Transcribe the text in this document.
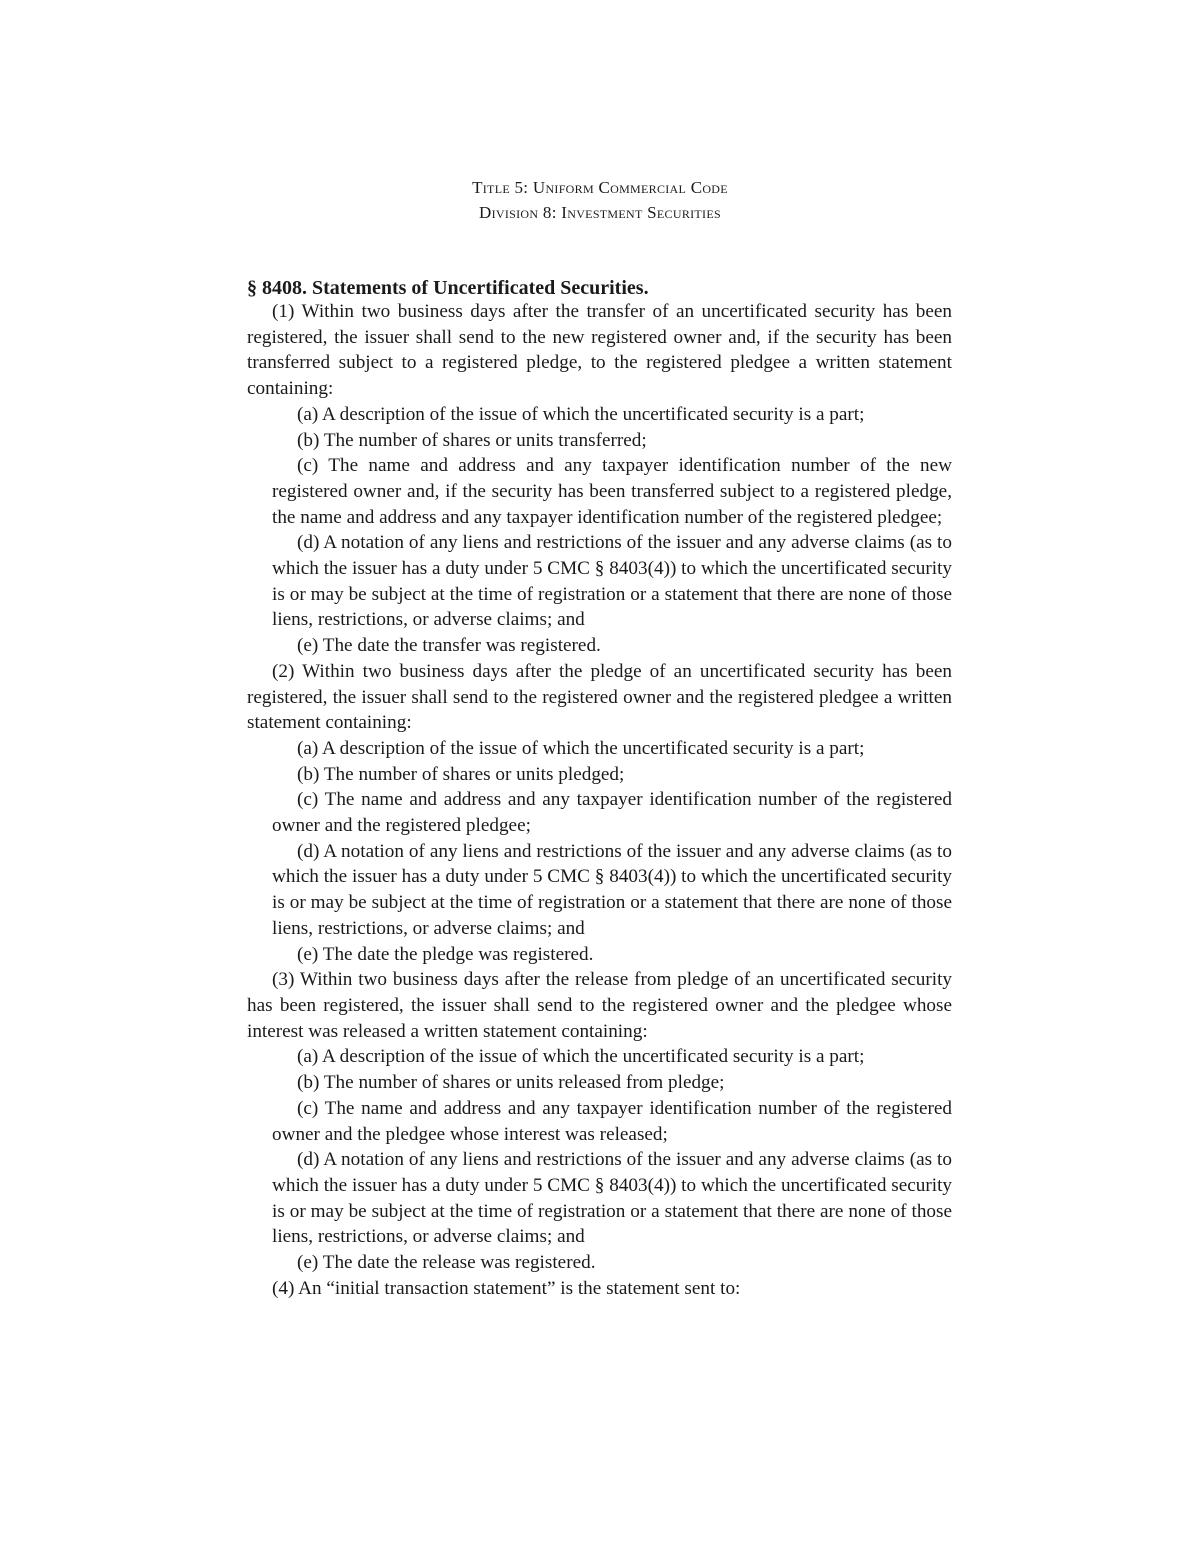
Title 5: Uniform Commercial Code
Division 8: Investment Securities
§ 8408. Statements of Uncertificated Securities.

(1) Within two business days after the transfer of an uncertificated security has been registered, the issuer shall send to the new registered owner and, if the security has been transferred subject to a registered pledge, to the registered pledgee a written statement containing:

(a) A description of the issue of which the uncertificated security is a part;

(b) The number of shares or units transferred;

(c) The name and address and any taxpayer identification number of the new registered owner and, if the security has been transferred subject to a registered pledge, the name and address and any taxpayer identification number of the registered pledgee;

(d) A notation of any liens and restrictions of the issuer and any adverse claims (as to which the issuer has a duty under 5 CMC § 8403(4)) to which the uncertificated security is or may be subject at the time of registration or a statement that there are none of those liens, restrictions, or adverse claims; and

(e) The date the transfer was registered.

(2) Within two business days after the pledge of an uncertificated security has been registered, the issuer shall send to the registered owner and the registered pledgee a written statement containing:

(a) A description of the issue of which the uncertificated security is a part;

(b) The number of shares or units pledged;

(c) The name and address and any taxpayer identification number of the registered owner and the registered pledgee;

(d) A notation of any liens and restrictions of the issuer and any adverse claims (as to which the issuer has a duty under 5 CMC § 8403(4)) to which the uncertificated security is or may be subject at the time of registration or a statement that there are none of those liens, restrictions, or adverse claims; and

(e) The date the pledge was registered.

(3) Within two business days after the release from pledge of an uncertificated security has been registered, the issuer shall send to the registered owner and the pledgee whose interest was released a written statement containing:

(a) A description of the issue of which the uncertificated security is a part;

(b) The number of shares or units released from pledge;

(c) The name and address and any taxpayer identification number of the registered owner and the pledgee whose interest was released;

(d) A notation of any liens and restrictions of the issuer and any adverse claims (as to which the issuer has a duty under 5 CMC § 8403(4)) to which the uncertificated security is or may be subject at the time of registration or a statement that there are none of those liens, restrictions, or adverse claims; and

(e) The date the release was registered.

(4) An “initial transaction statement” is the statement sent to:
